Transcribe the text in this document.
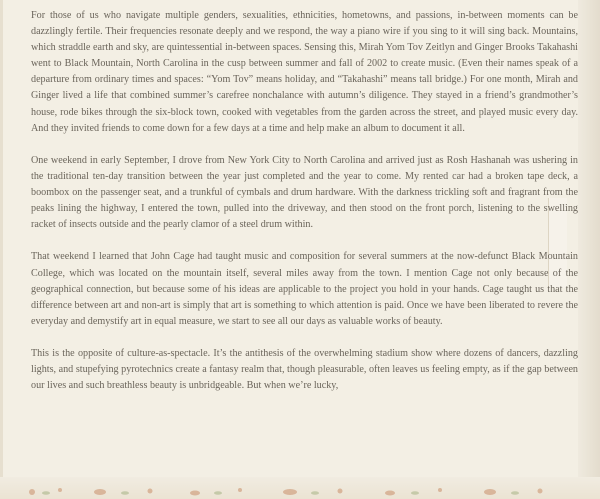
For those of us who navigate multiple genders, sexualities, ethnicities, hometowns, and passions, in-between moments can be dazzlingly fertile. Their frequencies resonate deeply and we respond, the way a piano wire if you sing to it will sing back. Mountains, which straddle earth and sky, are quintessential in-between spaces. Sensing this, Mirah Yom Tov Zeitlyn and Ginger Brooks Takahashi went to Black Mountain, North Carolina in the cusp between summer and fall of 2002 to create music. (Even their names speak of a departure from ordinary times and spaces: “Yom Tov” means holiday, and “Takahashi” means tall bridge.) For one month, Mirah and Ginger lived a life that combined summer’s carefree nonchalance with autumn’s diligence. They stayed in a friend’s grandmother’s house, rode bikes through the six-block town, cooked with vegetables from the garden across the street, and played music every day. And they invited friends to come down for a few days at a time and help make an album to document it all.

One weekend in early September, I drove from New York City to North Carolina and arrived just as Rosh Hashanah was ushering in the traditional ten-day transition between the year just completed and the year to come. My rented car had a broken tape deck, a boombox on the passenger seat, and a trunkful of cymbals and drum hardware. With the darkness trickling soft and fragrant from the peaks lining the highway, I entered the town, pulled into the driveway, and then stood on the front porch, listening to the swelling racket of insects outside and the pearly clamor of a steel drum within.

That weekend I learned that John Cage had taught music and composition for several summers at the now-defunct Black Mountain College, which was located on the mountain itself, several miles away from the town. I mention Cage not only because of the geographical connection, but because some of his ideas are applicable to the project you hold in your hands. Cage taught us that the difference between art and non-art is simply that art is something to which attention is paid. Once we have been liberated to revere the everyday and demystify art in equal measure, we start to see all our days as valuable works of beauty.

This is the opposite of culture-as-spectacle. It’s the antithesis of the overwhelming stadium show where dozens of dancers, dazzling lights, and stupefying pyrotechnics create a fantasy realm that, though pleasurable, often leaves us feeling empty, as if the gap between our lives and such breathless beauty is unbridgeable. But when we’re lucky,
